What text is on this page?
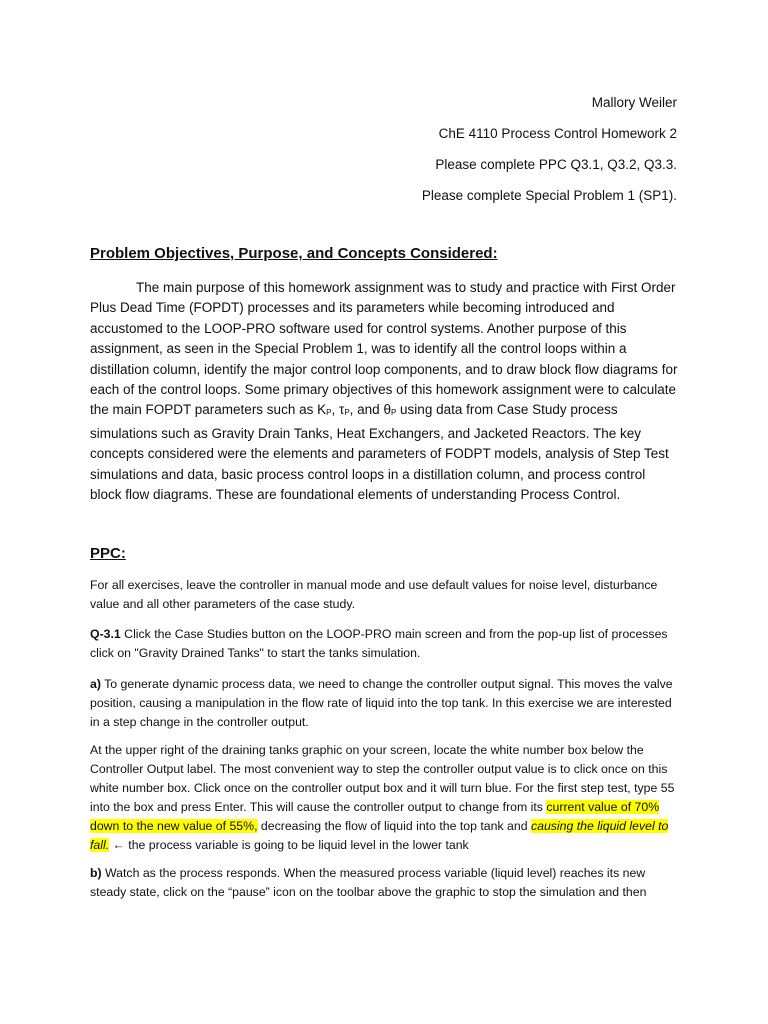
Mallory Weiler
ChE 4110 Process Control Homework 2
Please complete PPC Q3.1, Q3.2, Q3.3.
Please complete Special Problem 1 (SP1).
Problem Objectives, Purpose, and Concepts Considered:
The main purpose of this homework assignment was to study and practice with First Order Plus Dead Time (FOPDT) processes and its parameters while becoming introduced and accustomed to the LOOP-PRO software used for control systems. Another purpose of this assignment, as seen in the Special Problem 1, was to identify all the control loops within a distillation column, identify the major control loop components, and to draw block flow diagrams for each of the control loops. Some primary objectives of this homework assignment were to calculate the main FOPDT parameters such as $K_P$, $\tau_P$, and $\theta_P$ using data from Case Study process simulations such as Gravity Drain Tanks, Heat Exchangers, and Jacketed Reactors. The key concepts considered were the elements and parameters of FODPT models, analysis of Step Test simulations and data, basic process control loops in a distillation column, and process control block flow diagrams. These are foundational elements of understanding Process Control.
PPC:
For all exercises, leave the controller in manual mode and use default values for noise level, disturbance value and all other parameters of the case study.
Q-3.1 Click the Case Studies button on the LOOP-PRO main screen and from the pop-up list of processes click on "Gravity Drained Tanks" to start the tanks simulation.
a) To generate dynamic process data, we need to change the controller output signal. This moves the valve position, causing a manipulation in the flow rate of liquid into the top tank. In this exercise we are interested in a step change in the controller output.
At the upper right of the draining tanks graphic on your screen, locate the white number box below the Controller Output label. The most convenient way to step the controller output value is to click once on this white number box. Click once on the controller output box and it will turn blue. For the first step test, type 55 into the box and press Enter. This will cause the controller output to change from its current value of 70% down to the new value of 55%, decreasing the flow of liquid into the top tank and causing the liquid level to fall. ← the process variable is going to be liquid level in the lower tank
b) Watch as the process responds. When the measured process variable (liquid level) reaches its new steady state, click on the “pause” icon on the toolbar above the graphic to stop the simulation and then
